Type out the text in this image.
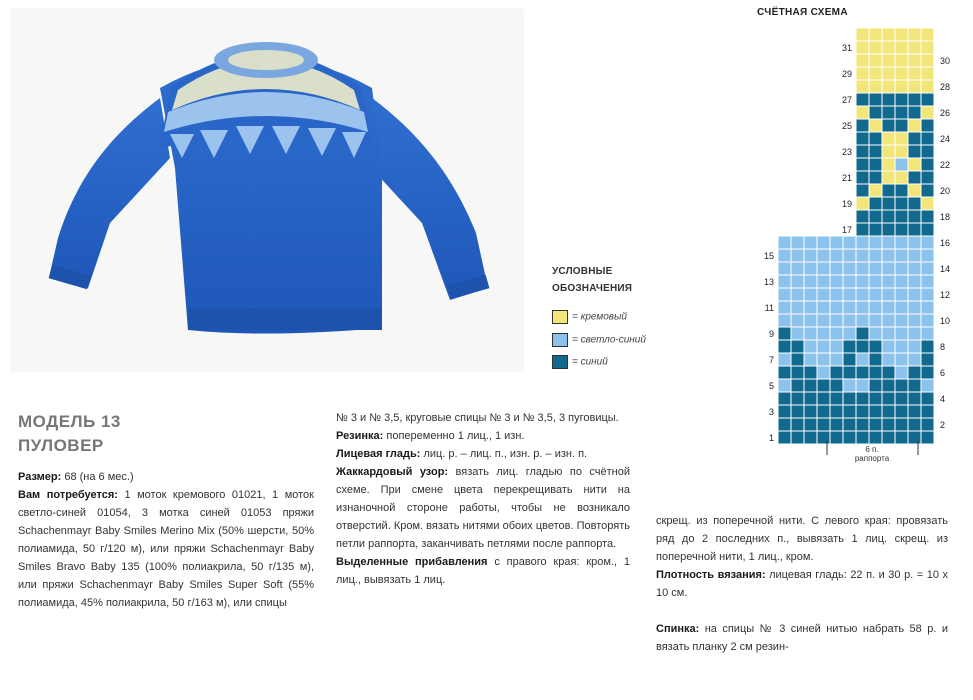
УСЛОВНЫЕ
ОБОЗНАЧЕНИЯ
= кремовый
= светло-синий
= синий
СЧЁТНАЯ СХЕМА
1
3
5
7
9
11
13
15
17
19
21
23
25
27
29
31
2
4
6
8
10
12
14
16
18
20
22
24
26
28
30
6 п.
раппорта
МОДЕЛЬ 13
ПУЛОВЕР

Размер: 68 (на 6 мес.)

Вам потребуется: 1 моток кремового 01021, 1 моток светло-синей 01054, 3 мотка синей 01053 пряжи Schachenmayr Baby Smiles Merino Mix (50% шерсти, 50% полиамида, 50 г/120 м), или пряжи Schachenmayr Baby Smiles Bravo Baby 135 (100% полиакрила, 50 г/135 м), или пряжи Schachenmayr Baby Smiles Super Soft (55% полиамида, 45% полиакрила, 50 г/163 м), или спицы

№ 3 и № 3,5, круговые спицы № 3 и № 3,5, 3 пуговицы.

Резинка: попеременно 1 лиц., 1 изн.

Лицевая гладь: лиц. р. – лиц. п., изн. р. – изн. п.

Жаккардовый узор: вязать лиц. гладью по счётной схеме. При смене цвета перекрещивать нити на изнаночной стороне работы, чтобы не возникало отверстий. Кром. вязать нитями обоих цветов. Повторять петли раппорта, заканчивать петлями после раппорта.

Выделенные прибавления с правого края: кром., 1 лиц., вывязать 1 лиц.

скрещ. из поперечной нити. С левого края: провязать ряд до 2 последних п., вывязать 1 лиц. скрещ. из поперечной нити, 1 лиц., кром.

Плотность вязания: лицевая гладь: 22 п. и 30 р. = 10 x 10 см.

Спинка: на спицы № 3 синей нитью набрать 58 р. и вязать планку 2 см резин-
